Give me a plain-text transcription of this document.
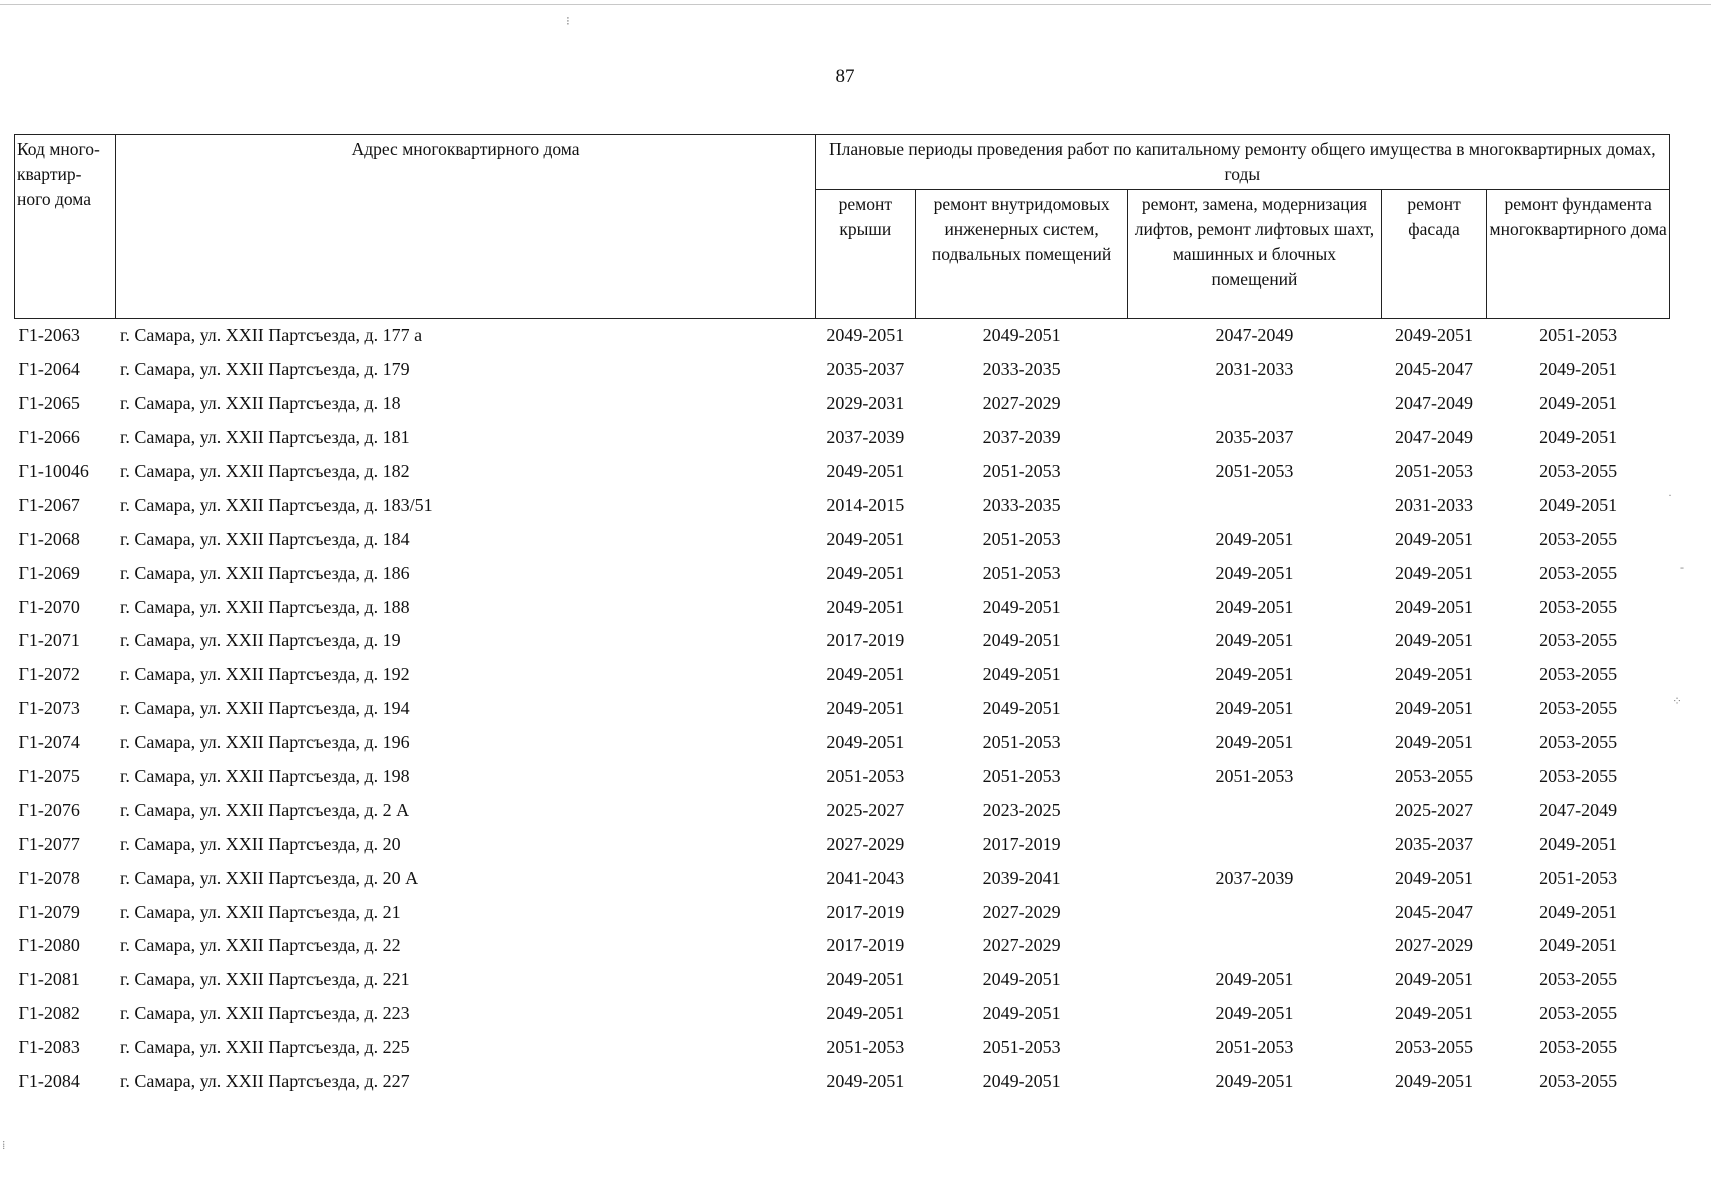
87
Код много-квартир-ного дома	Адрес многоквартирного дома	Плановые периоды проведения работ по капитальному ремонту общего имущества в многоквартирных домах, годы				
		ремонт крыши	ремонт внутридомовых инженерных систем, подвальных помещений	ремонт, замена, модернизация лифтов, ремонт лифтовых шахт, машинных и блочных помещений	ремонт фасада	ремонт фундамента многоквартирного дома
Г1-2063	г. Самара, ул. XXII Партсъезда, д. 177 а	2049-2051	2049-2051	2047-2049	2049-2051	2051-2053
Г1-2064	г. Самара, ул. XXII Партсъезда, д. 179	2035-2037	2033-2035	2031-2033	2045-2047	2049-2051
Г1-2065	г. Самара, ул. XXII Партсъезда, д. 18	2029-2031	2027-2029		2047-2049	2049-2051
Г1-2066	г. Самара, ул. XXII Партсъезда, д. 181	2037-2039	2037-2039	2035-2037	2047-2049	2049-2051
Г1-10046	г. Самара, ул. XXII Партсъезда, д. 182	2049-2051	2051-2053	2051-2053	2051-2053	2053-2055
Г1-2067	г. Самара, ул. XXII Партсъезда, д. 183/51	2014-2015	2033-2035		2031-2033	2049-2051
Г1-2068	г. Самара, ул. XXII Партсъезда, д. 184	2049-2051	2051-2053	2049-2051	2049-2051	2053-2055
Г1-2069	г. Самара, ул. XXII Партсъезда, д. 186	2049-2051	2051-2053	2049-2051	2049-2051	2053-2055
Г1-2070	г. Самара, ул. XXII Партсъезда, д. 188	2049-2051	2049-2051	2049-2051	2049-2051	2053-2055
Г1-2071	г. Самара, ул. XXII Партсъезда, д. 19	2017-2019	2049-2051	2049-2051	2049-2051	2053-2055
Г1-2072	г. Самара, ул. XXII Партсъезда, д. 192	2049-2051	2049-2051	2049-2051	2049-2051	2053-2055
Г1-2073	г. Самара, ул. XXII Партсъезда, д. 194	2049-2051	2049-2051	2049-2051	2049-2051	2053-2055
Г1-2074	г. Самара, ул. XXII Партсъезда, д. 196	2049-2051	2051-2053	2049-2051	2049-2051	2053-2055
Г1-2075	г. Самара, ул. XXII Партсъезда, д. 198	2051-2053	2051-2053	2051-2053	2053-2055	2053-2055
Г1-2076	г. Самара, ул. XXII Партсъезда, д. 2 А	2025-2027	2023-2025		2025-2027	2047-2049
Г1-2077	г. Самара, ул. XXII Партсъезда, д. 20	2027-2029	2017-2019		2035-2037	2049-2051
Г1-2078	г. Самара, ул. XXII Партсъезда, д. 20 А	2041-2043	2039-2041	2037-2039	2049-2051	2051-2053
Г1-2079	г. Самара, ул. XXII Партсъезда, д. 21	2017-2019	2027-2029		2045-2047	2049-2051
Г1-2080	г. Самара, ул. XXII Партсъезда, д. 22	2017-2019	2027-2029		2027-2029	2049-2051
Г1-2081	г. Самара, ул. XXII Партсъезда, д. 221	2049-2051	2049-2051	2049-2051	2049-2051	2053-2055
Г1-2082	г. Самара, ул. XXII Партсъезда, д. 223	2049-2051	2049-2051	2049-2051	2049-2051	2053-2055
Г1-2083	г. Самара, ул. XXII Партсъезда, д. 225	2051-2053	2051-2053	2051-2053	2053-2055	2053-2055
Г1-2084	г. Самара, ул. XXII Партсъезда, д. 227	2049-2051	2049-2051	2049-2051	2049-2051	2053-2055
⁝
·
-
⁘
⁞
